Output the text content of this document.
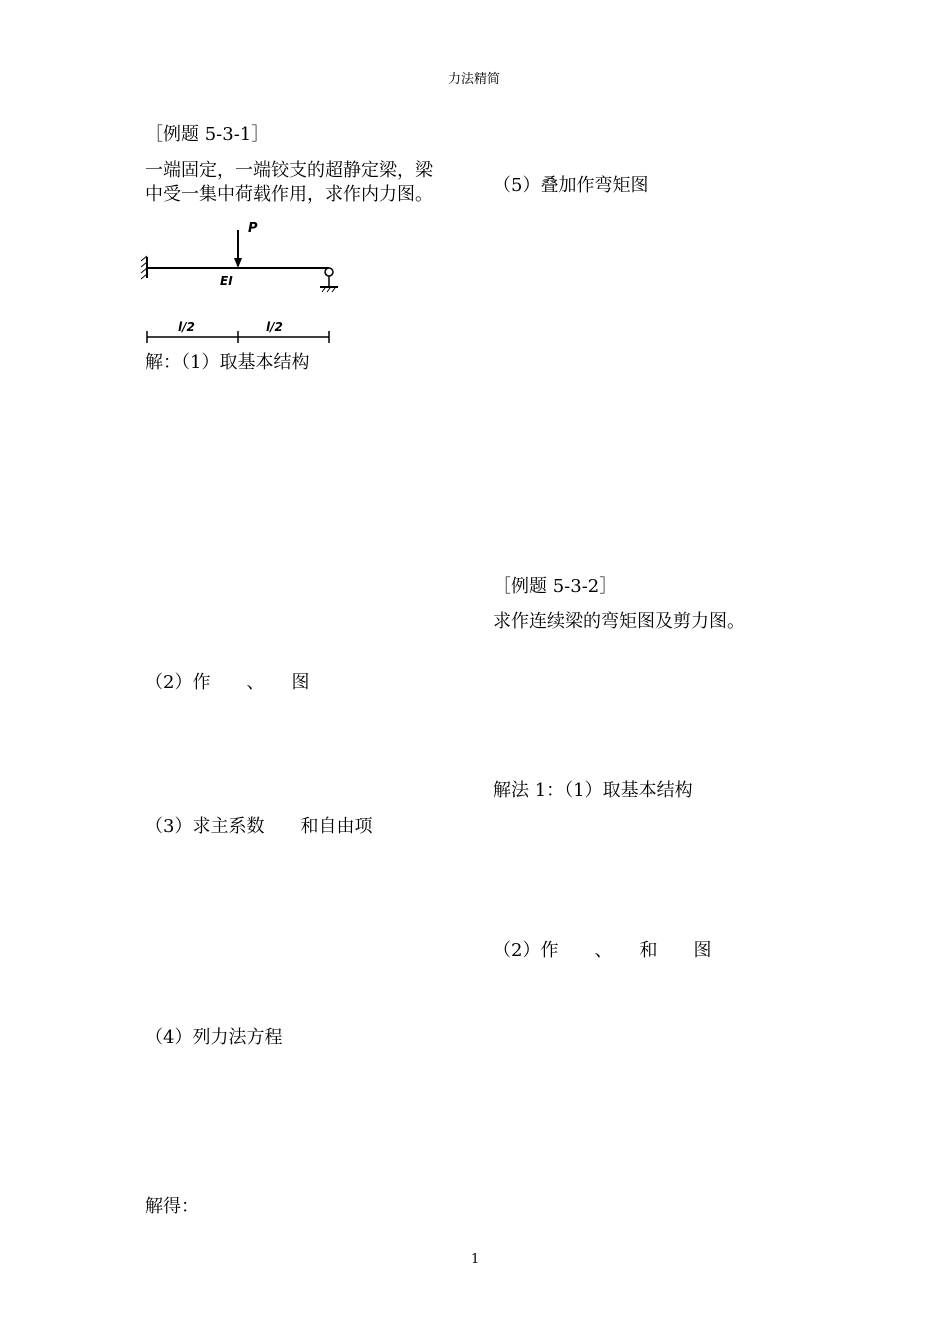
力法精简
［例题 5-3-1］
一端固定，一端铰支的超静定梁，梁
中受一集中荷载作用，求作内力图。
P
EI
l/2	l/2
解：（1）取基本结构
（2）作　　、　　图
（3）求主系数　　和自由项
（4）列力法方程
解得：
（5）叠加作弯矩图
［例题 5-3-2］
求作连续梁的弯矩图及剪力图。
解法 1：（1）取基本结构
（2）作　　、　　和　　图
1
